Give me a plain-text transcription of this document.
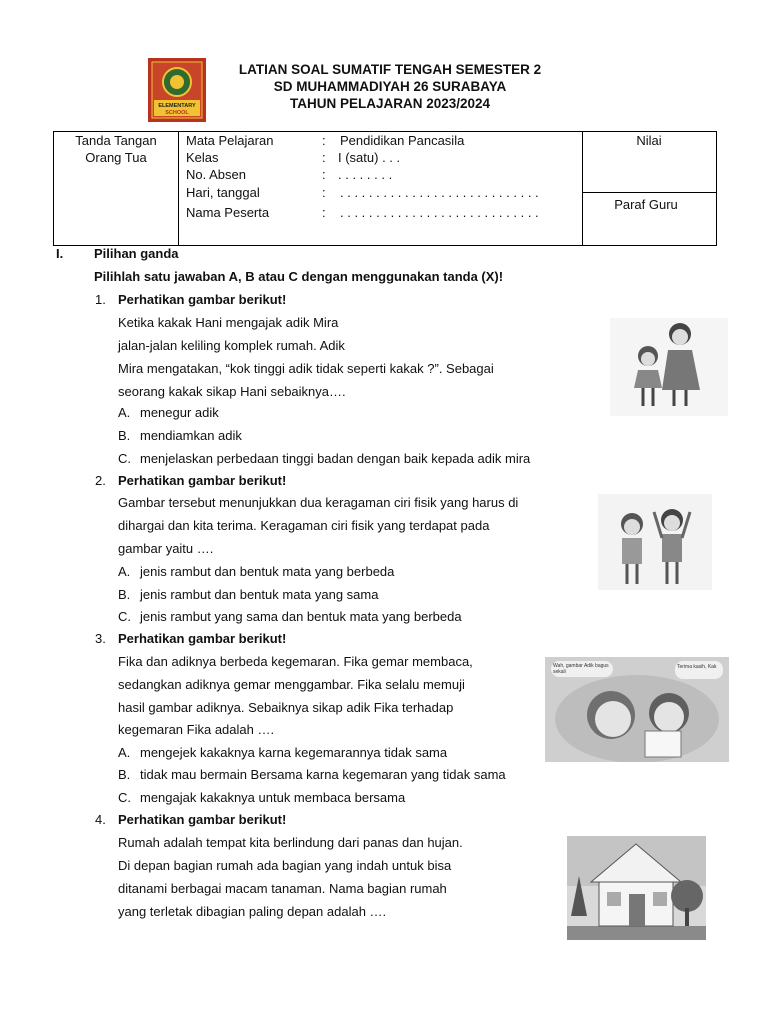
ELEMENTARY
SCHOOL
LATIAN SOAL SUMATIF TENGAH SEMESTER 2
SD MUHAMMADIYAH 26 SURABAYA
TAHUN PELAJARAN 2023/2024
Tanda Tangan
Orang Tua
Mata Pelajaran	: Pendidikan Pancasila
Kelas	: I (satu) . . .
No. Absen	: . . . . . . . .
Hari, tanggal	: . . . . . . . . . . . . . . . . . . . . . . . . . . . .
Nama Peserta	: . . . . . . . . . . . . . . . . . . . . . . . . . . . .
Nilai
Paraf Guru
I. Pilihan ganda
Pilihlah satu jawaban A, B atau C dengan menggunakan tanda (X)!
1. Perhatikan gambar berikut!
Ketika kakak Hani mengajak adik Mira
jalan-jalan keliling komplek rumah. Adik
Mira mengatakan, “kok tinggi adik tidak seperti kakak ?”. Sebagai
seorang kakak sikap Hani sebaiknya….
A. menegur adik
B. mendiamkan adik
C. menjelaskan perbedaan tinggi badan dengan baik kepada adik mira
2. Perhatikan gambar berikut!
Gambar tersebut menunjukkan dua keragaman ciri fisik yang harus di
dihargai dan kita terima. Keragaman ciri fisik yang terdapat pada
gambar yaitu ….
A. jenis rambut dan bentuk mata yang berbeda
B. jenis rambut dan bentuk mata yang sama
C. jenis rambut yang sama dan bentuk mata yang berbeda
3. Perhatikan gambar berikut!
Fika dan adiknya berbeda kegemaran. Fika gemar membaca,
sedangkan adiknya gemar menggambar. Fika selalu memuji
hasil gambar adiknya. Sebaiknya sikap adik Fika terhadap
kegemaran Fika adalah ….
A. mengejek kakaknya karna kegemarannya tidak sama
B. tidak mau bermain Bersama karna kegemaran yang tidak sama
C. mengajak kakaknya untuk membaca bersama
Wah, gambar Adik bagus sekali
Terima kasih, Kak
4. Perhatikan gambar berikut!
Rumah adalah tempat kita berlindung dari panas dan hujan.
Di depan bagian rumah ada bagian yang indah untuk bisa
ditanami berbagai macam tanaman. Nama bagian rumah
yang terletak dibagian paling depan adalah ….
